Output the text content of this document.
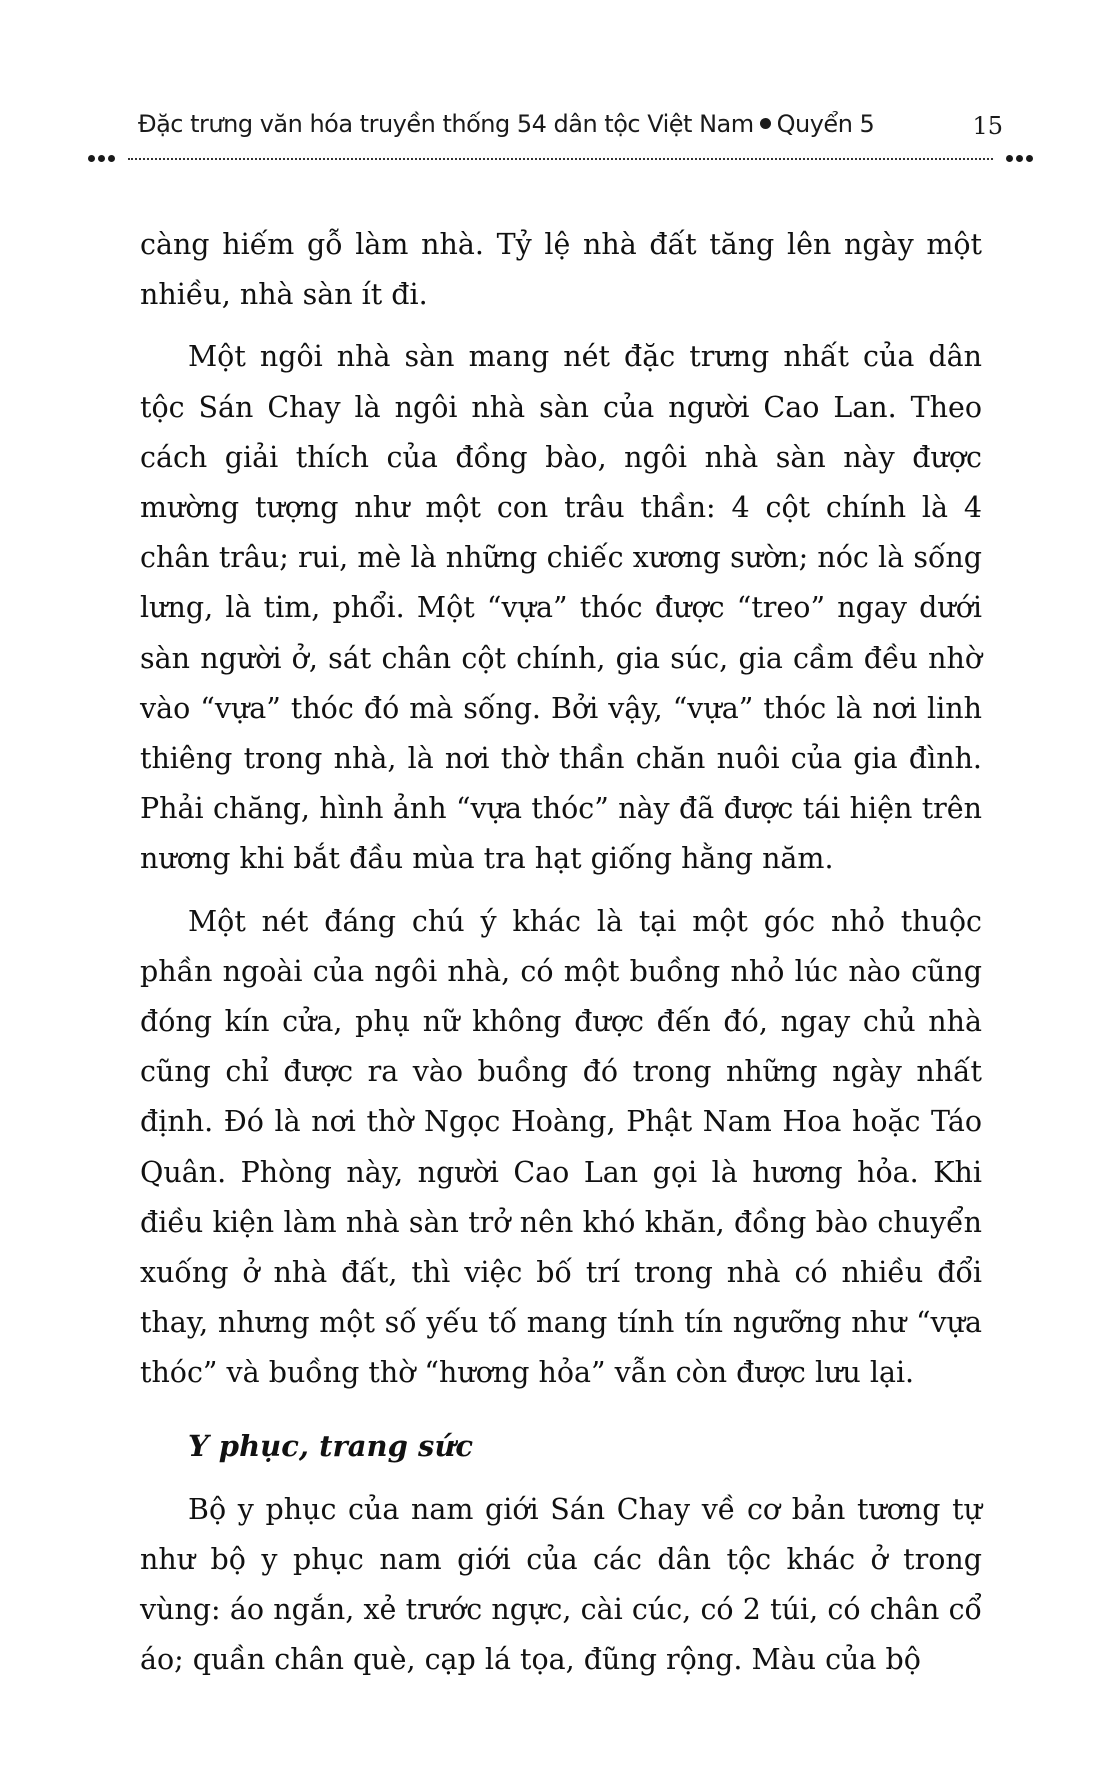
Đặc trưng văn hóa truyền thống 54 dân tộc Việt Nam Quyển 5	15

càng hiếm gỗ làm nhà. Tỷ lệ nhà đất tăng lên ngày một nhiều, nhà sàn ít đi.

Một ngôi nhà sàn mang nét đặc trưng nhất của dân tộc Sán Chay là ngôi nhà sàn của người Cao Lan. Theo cách giải thích của đồng bào, ngôi nhà sàn này được mường tượng như một con trâu thần: 4 cột chính là 4 chân trâu; rui, mè là những chiếc xương sườn; nóc là sống lưng, là tim, phổi. Một “vựa” thóc được “treo” ngay dưới sàn người ở, sát chân cột chính, gia súc, gia cầm đều nhờ vào “vựa” thóc đó mà sống. Bởi vậy, “vựa” thóc là nơi linh thiêng trong nhà, là nơi thờ thần chăn nuôi của gia đình. Phải chăng, hình ảnh “vựa thóc” này đã được tái hiện trên nương khi bắt đầu mùa tra hạt giống hằng năm.

Một nét đáng chú ý khác là tại một góc nhỏ thuộc phần ngoài của ngôi nhà, có một buồng nhỏ lúc nào cũng đóng kín cửa, phụ nữ không được đến đó, ngay chủ nhà cũng chỉ được ra vào buồng đó trong những ngày nhất định. Đó là nơi thờ Ngọc Hoàng, Phật Nam Hoa hoặc Táo Quân. Phòng này, người Cao Lan gọi là hương hỏa. Khi điều kiện làm nhà sàn trở nên khó khăn, đồng bào chuyển xuống ở nhà đất, thì việc bố trí trong nhà có nhiều đổi thay, nhưng một số yếu tố mang tính tín ngưỡng như “vựa thóc” và buồng thờ “hương hỏa” vẫn còn được lưu lại.

Y phục, trang sức

Bộ y phục của nam giới Sán Chay về cơ bản tương tự như bộ y phục nam giới của các dân tộc khác ở trong vùng: áo ngắn, xẻ trước ngực, cài cúc, có 2 túi, có chân cổ áo; quần chân què, cạp lá tọa, đũng rộng. Màu của bộ
